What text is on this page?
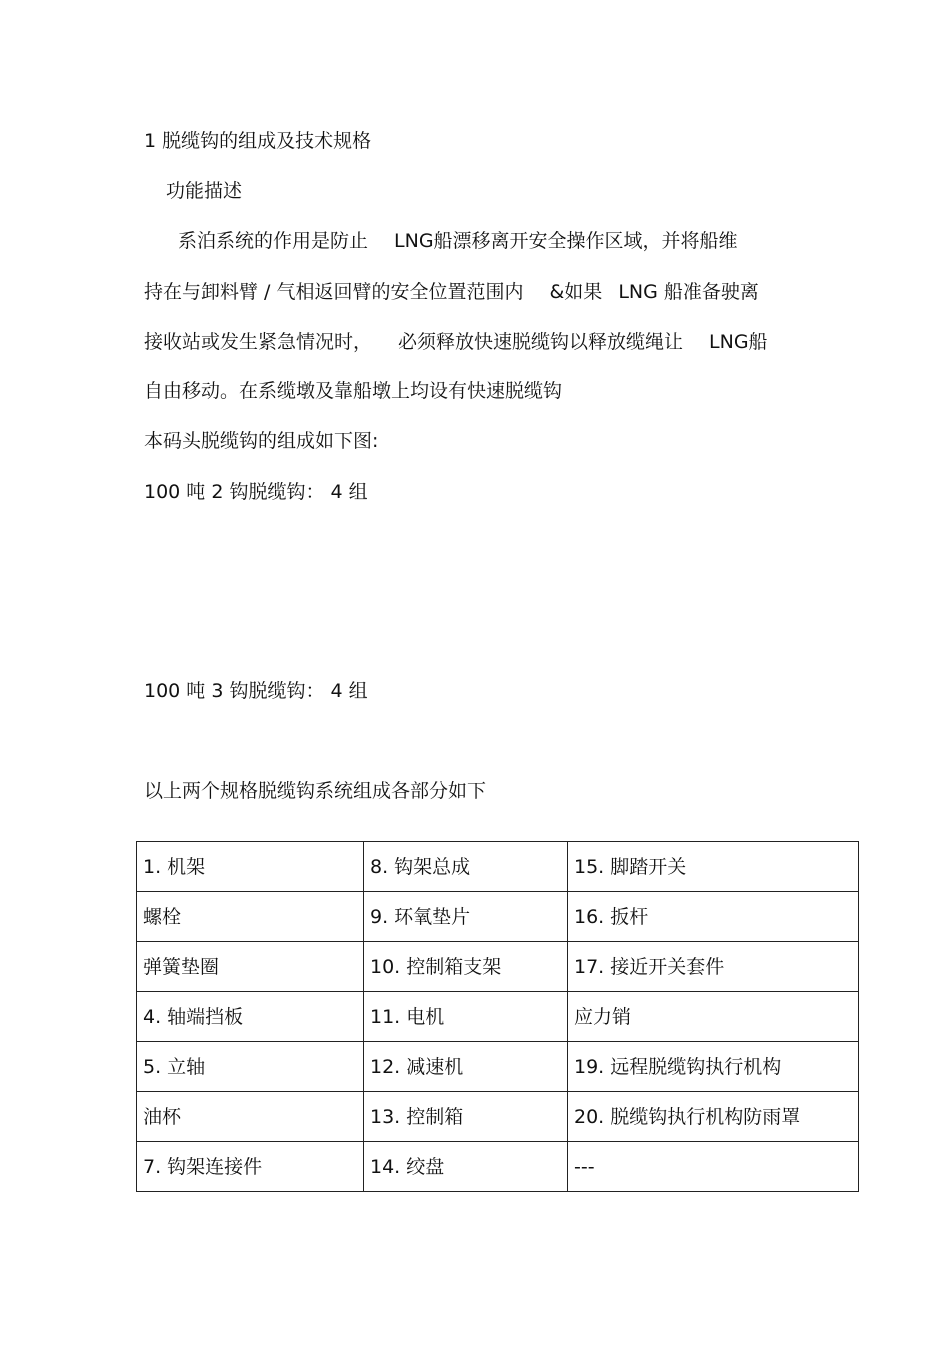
1 脱缆钩的组成及技术规格
功能描述
系泊系统的作用是防止 LNG船漂移离开安全操作区域，并将船维
持在与卸料臂 / 气相返回臂的安全位置范围内 &如果 LNG 船准备驶离
接收站或发生紧急情况时， 必须释放快速脱缆钩以释放缆绳让 LNG船
自由移动。在系缆墩及靠船墩上均设有快速脱缆钩
本码头脱缆钩的组成如下图:
100 吨 2 钩脱缆钩： 4 组
100 吨 3 钩脱缆钩： 4 组
以上两个规格脱缆钩系统组成各部分如下
1. 机架	8. 钩架总成	15. 脚踏开关
螺栓	9. 环氧垫片	16. 扳杆
弹簧垫圈	10. 控制箱支架	17. 接近开关套件
4. 轴端挡板	11. 电机	应力销
5. 立轴	12. 减速机	19. 远程脱缆钩执行机构
油杯	13. 控制箱	20. 脱缆钩执行机构防雨罩
7. 钩架连接件	14. 绞盘	---
